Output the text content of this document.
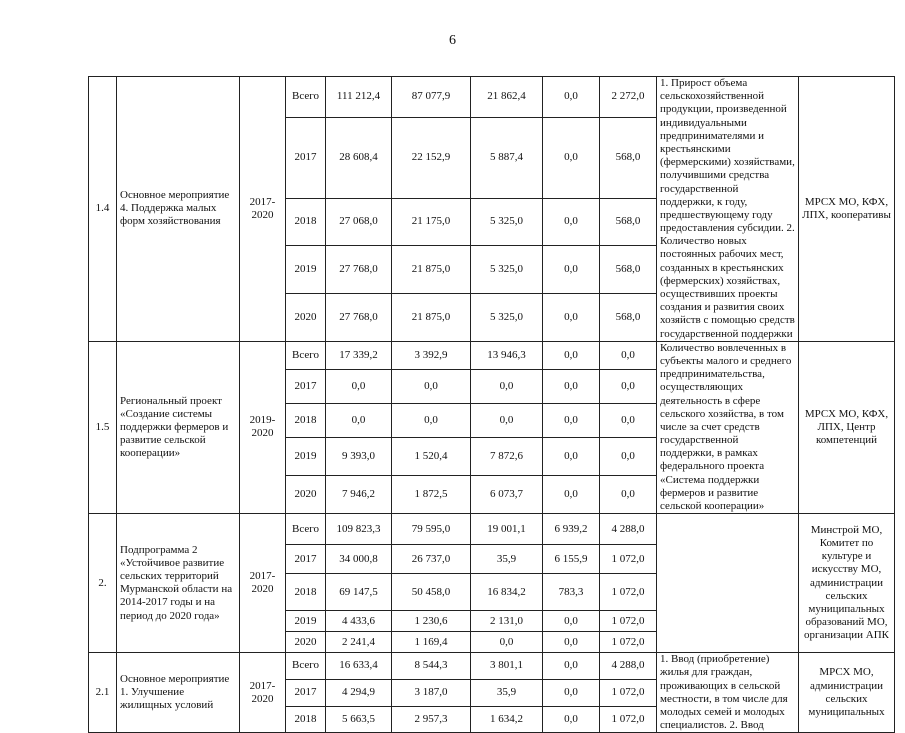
6
1.4	Основное мероприятие 4. Поддержка малых форм хозяйствования	2017-2020	Всего	111 212,4	87 077,9	21 862,4	0,0	2 272,0	1. Прирост объема сельскохозяйственной продукции, произведенной индивидуальными предпринимателями и крестьянскими (фермерскими) хозяйствами, получившими средства государственной поддержки, к году, предшествующему году предоставления субсидии. 2. Количество новых постоянных рабочих мест, созданных в крестьянских (фермерских) хозяйствах, осуществивших проекты создания и развития своих хозяйств с помощью средств государственной поддержки	МРСХ МО, КФХ, ЛПХ, кооперативы
			2017	28 608,4	22 152,9	5 887,4	0,0	568,0		
			2018	27 068,0	21 175,0	5 325,0	0,0	568,0		
			2019	27 768,0	21 875,0	5 325,0	0,0	568,0		
			2020	27 768,0	21 875,0	5 325,0	0,0	568,0		
1.5	Региональный проект «Создание системы поддержки фермеров и развитие сельской кооперации»	2019-2020	Всего	17 339,2	3 392,9	13 946,3	0,0	0,0	Количество вовлеченных в субъекты малого и среднего предпринимательства, осуществляющих деятельность в сфере сельского хозяйства, в том числе за счет средств государственной поддержки, в рамках федерального проекта «Система поддержки фермеров и развитие сельской кооперации»	МРСХ МО, КФХ, ЛПХ, Центр компетенций
			2017	0,0	0,0	0,0	0,0	0,0		
			2018	0,0	0,0	0,0	0,0	0,0		
			2019	9 393,0	1 520,4	7 872,6	0,0	0,0		
			2020	7 946,2	1 872,5	6 073,7	0,0	0,0		
2.	Подпрограмма 2 «Устойчивое развитие сельских территорий Мурманской области на 2014-2017 годы и на период до 2020 года»	2017-2020	Всего	109 823,3	79 595,0	19 001,1	6 939,2	4 288,0		Минстрой МО, Комитет по культуре и искусству МО, администрации сельских муниципальных образований МО, организации АПК
			2017	34 000,8	26 737,0	35,9	6 155,9	1 072,0		
			2018	69 147,5	50 458,0	16 834,2	783,3	1 072,0		
			2019	4 433,6	1 230,6	2 131,0	0,0	1 072,0		
			2020	2 241,4	1 169,4	0,0	0,0	1 072,0		
2.1	Основное мероприятие 1. Улучшение жилищных условий	2017-2020	Всего	16 633,4	8 544,3	3 801,1	0,0	4 288,0	1. Ввод (приобретение) жилья для граждан, проживающих в сельской местности, в том числе для молодых семей и молодых специалистов. 2. Ввод	МРСХ МО, администрации сельских муниципальных
			2017	4 294,9	3 187,0	35,9	0,0	1 072,0		
			2018	5 663,5	2 957,3	1 634,2	0,0	1 072,0		
